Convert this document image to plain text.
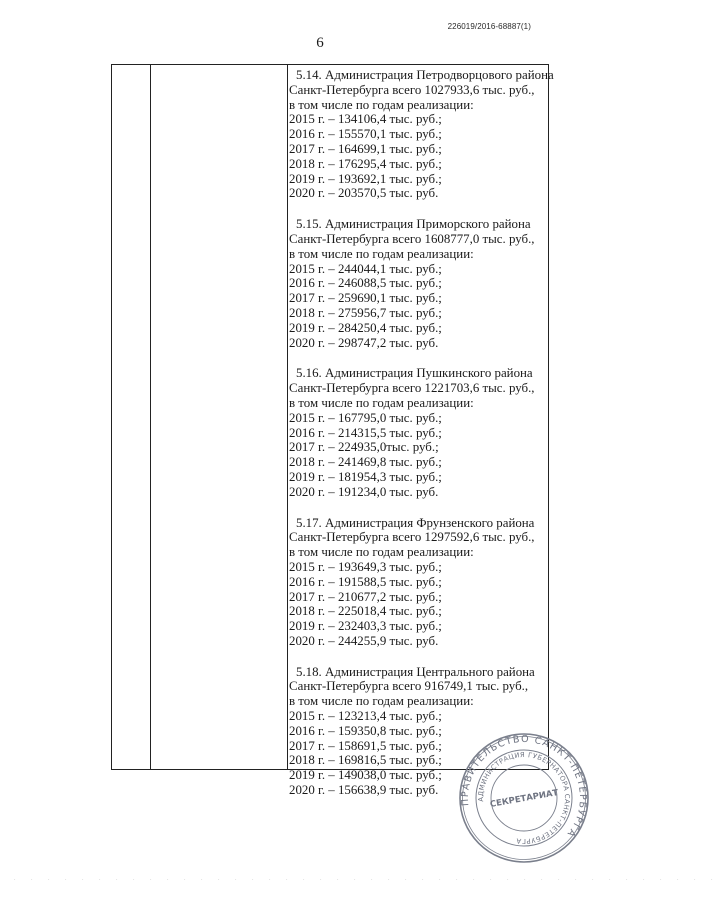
226019/2016-68887(1)
6

5.14. Администрация Петродворцового района

Санкт-Петербурга всего 1027933,6 тыс. руб.,

в том числе по годам реализации:

2015 г. – 134106,4 тыс. руб.;

2016 г. – 155570,1 тыс. руб.;

2017 г. – 164699,1 тыс. руб.;

2018 г. – 176295,4 тыс. руб.;

2019 г. – 193692,1 тыс. руб.;

2020 г. – 203570,5 тыс. руб.

5.15. Администрация Приморского района

Санкт-Петербурга всего 1608777,0 тыс. руб.,

в том числе по годам реализации:

2015 г. – 244044,1 тыс. руб.;

2016 г. – 246088,5 тыс. руб.;

2017 г. – 259690,1 тыс. руб.;

2018 г. – 275956,7 тыс. руб.;

2019 г. – 284250,4 тыс. руб.;

2020 г. – 298747,2 тыс. руб.

5.16. Администрация Пушкинского района

Санкт-Петербурга всего 1221703,6 тыс. руб.,

в том числе по годам реализации:

2015 г. – 167795,0 тыс. руб.;

2016 г. – 214315,5 тыс. руб.;

2017 г. – 224935,0тыс. руб.;

2018 г. – 241469,8 тыс. руб.;

2019 г. – 181954,3 тыс. руб.;

2020 г. – 191234,0 тыс. руб.

5.17. Администрация Фрунзенского района

Санкт-Петербурга всего 1297592,6 тыс. руб.,

в том числе по годам реализации:

2015 г. – 193649,3 тыс. руб.;

2016 г. – 191588,5 тыс. руб.;

2017 г. – 210677,2 тыс. руб.;

2018 г. – 225018,4 тыс. руб.;

2019 г. – 232403,3 тыс. руб.;

2020 г. – 244255,9 тыс. руб.

5.18. Администрация Центрального района

Санкт-Петербурга всего 916749,1 тыс. руб.,

в том числе по годам реализации:

2015 г. – 123213,4 тыс. руб.;

2016 г. – 159350,8 тыс. руб.;

2017 г. – 158691,5 тыс. руб.;

2018 г. – 169816,5 тыс. руб.;

2019 г. – 149038,0 тыс. руб.;

2020 г. – 156638,9 тыс. руб.

ПРАВИТЕЛЬСТВО САНКТ-ПЕТЕРБУРГА
АДМИНИСТРАЦИЯ ГУБЕРНАТОРА САНКТ-ПЕТЕРБУРГА
СЕКРЕТАРИАТ
. . . . . . . . . . . . . . . . . . . . . . . . . . . . . . . . . . . . . . . . . .
